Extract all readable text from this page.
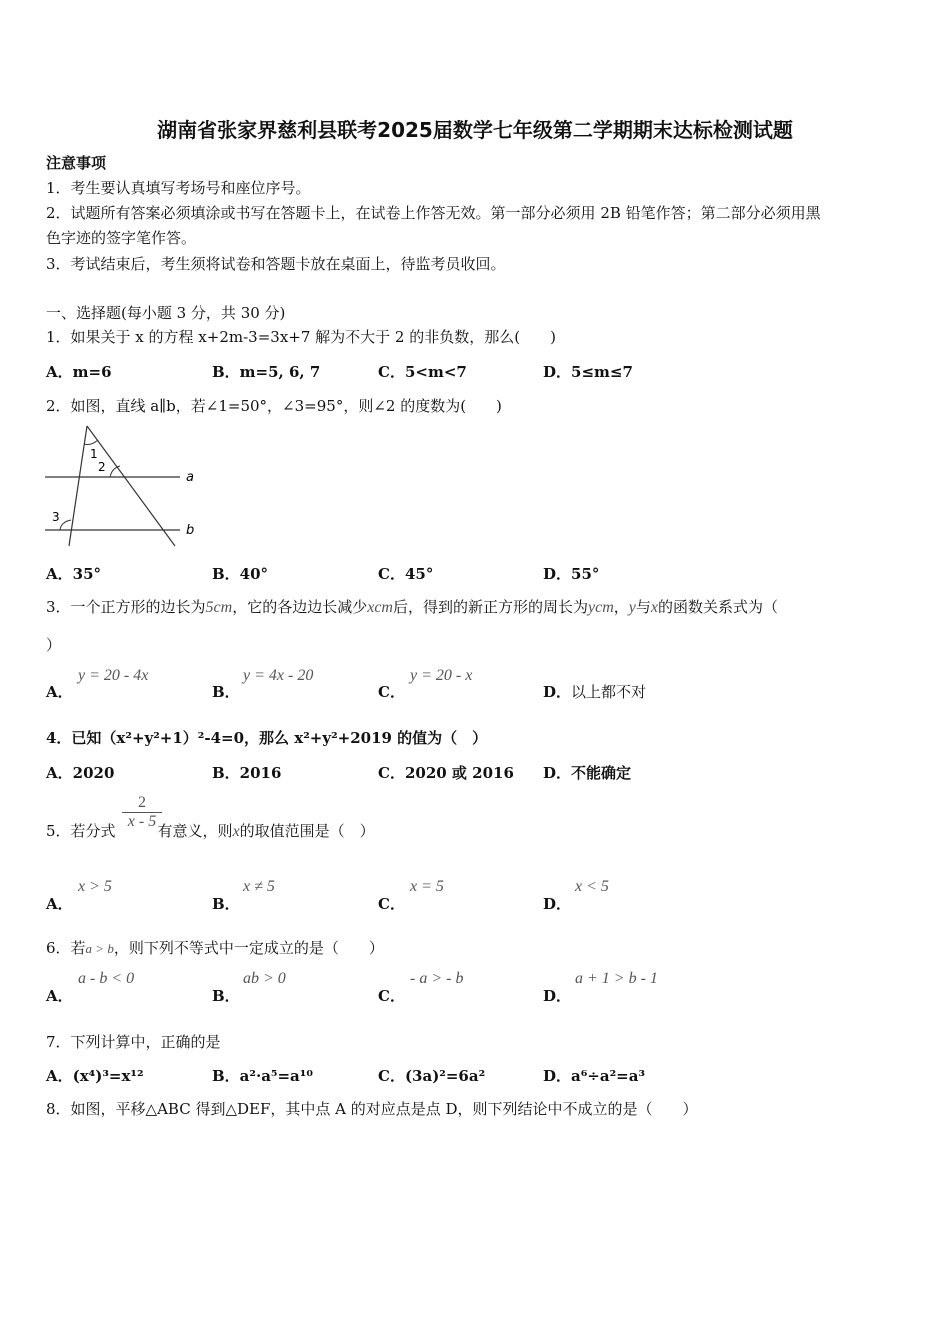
湖南省张家界慈利县联考2025届数学七年级第二学期期末达标检测试题
注意事项
1．考生要认真填写考场号和座位序号。
2．试题所有答案必须填涂或书写在答题卡上，在试卷上作答无效。第一部分必须用 2B 铅笔作答；第二部分必须用黑
色字迹的签字笔作答。
3．考试结束后，考生须将试卷和答题卡放在桌面上，待监考员收回。
一、选择题(每小题 3 分，共 30 分)
1．如果关于 x 的方程 x+2m-3=3x+7 解为不大于 2 的非负数，那么(　　)
A．m=6	B．m=5, 6, 7	C．5<m<7	D．5≤m≤7
2．如图，直线 a∥b，若∠1=50°，∠3=95°，则∠2 的度数为(　　)
1
2
3
a
b
A．35°	B．40°	C．45°	D．55°
3．一个正方形的边长为5cm，它的各边边长减少xcm后，得到的新正方形的周长为ycm，y与x的函数关系式为（
）
A．
y = 20 - 4x
B．
y = 4x - 20
C．
y = 20 - x
D．以上都不对
4．已知（x²+y²+1）²-4=0，那么 x²+y²+2019 的值为（　）
A．2020	B．2016	C．2020 或 2016 D．不能确定
5．若分式	有意义，则x的取值范围是（　）
$\frac{2}{x - 5}$
A．
x > 5
B．
x ≠ 5
C．
x = 5
D．
x < 5
6．若a > b，则下列不等式中一定成立的是（　　）
A．
a - b < 0
B．
ab > 0
C．
- a > - b
D．
a + 1 > b - 1
7．下列计算中，正确的是
A．(x⁴)³=x¹²	B．a²·a⁵=a¹⁰	C．(3a)²=6a²	D．a⁶÷a²=a³
8．如图，平移△ABC 得到△DEF，其中点 A 的对应点是点 D，则下列结论中不成立的是（　　）
